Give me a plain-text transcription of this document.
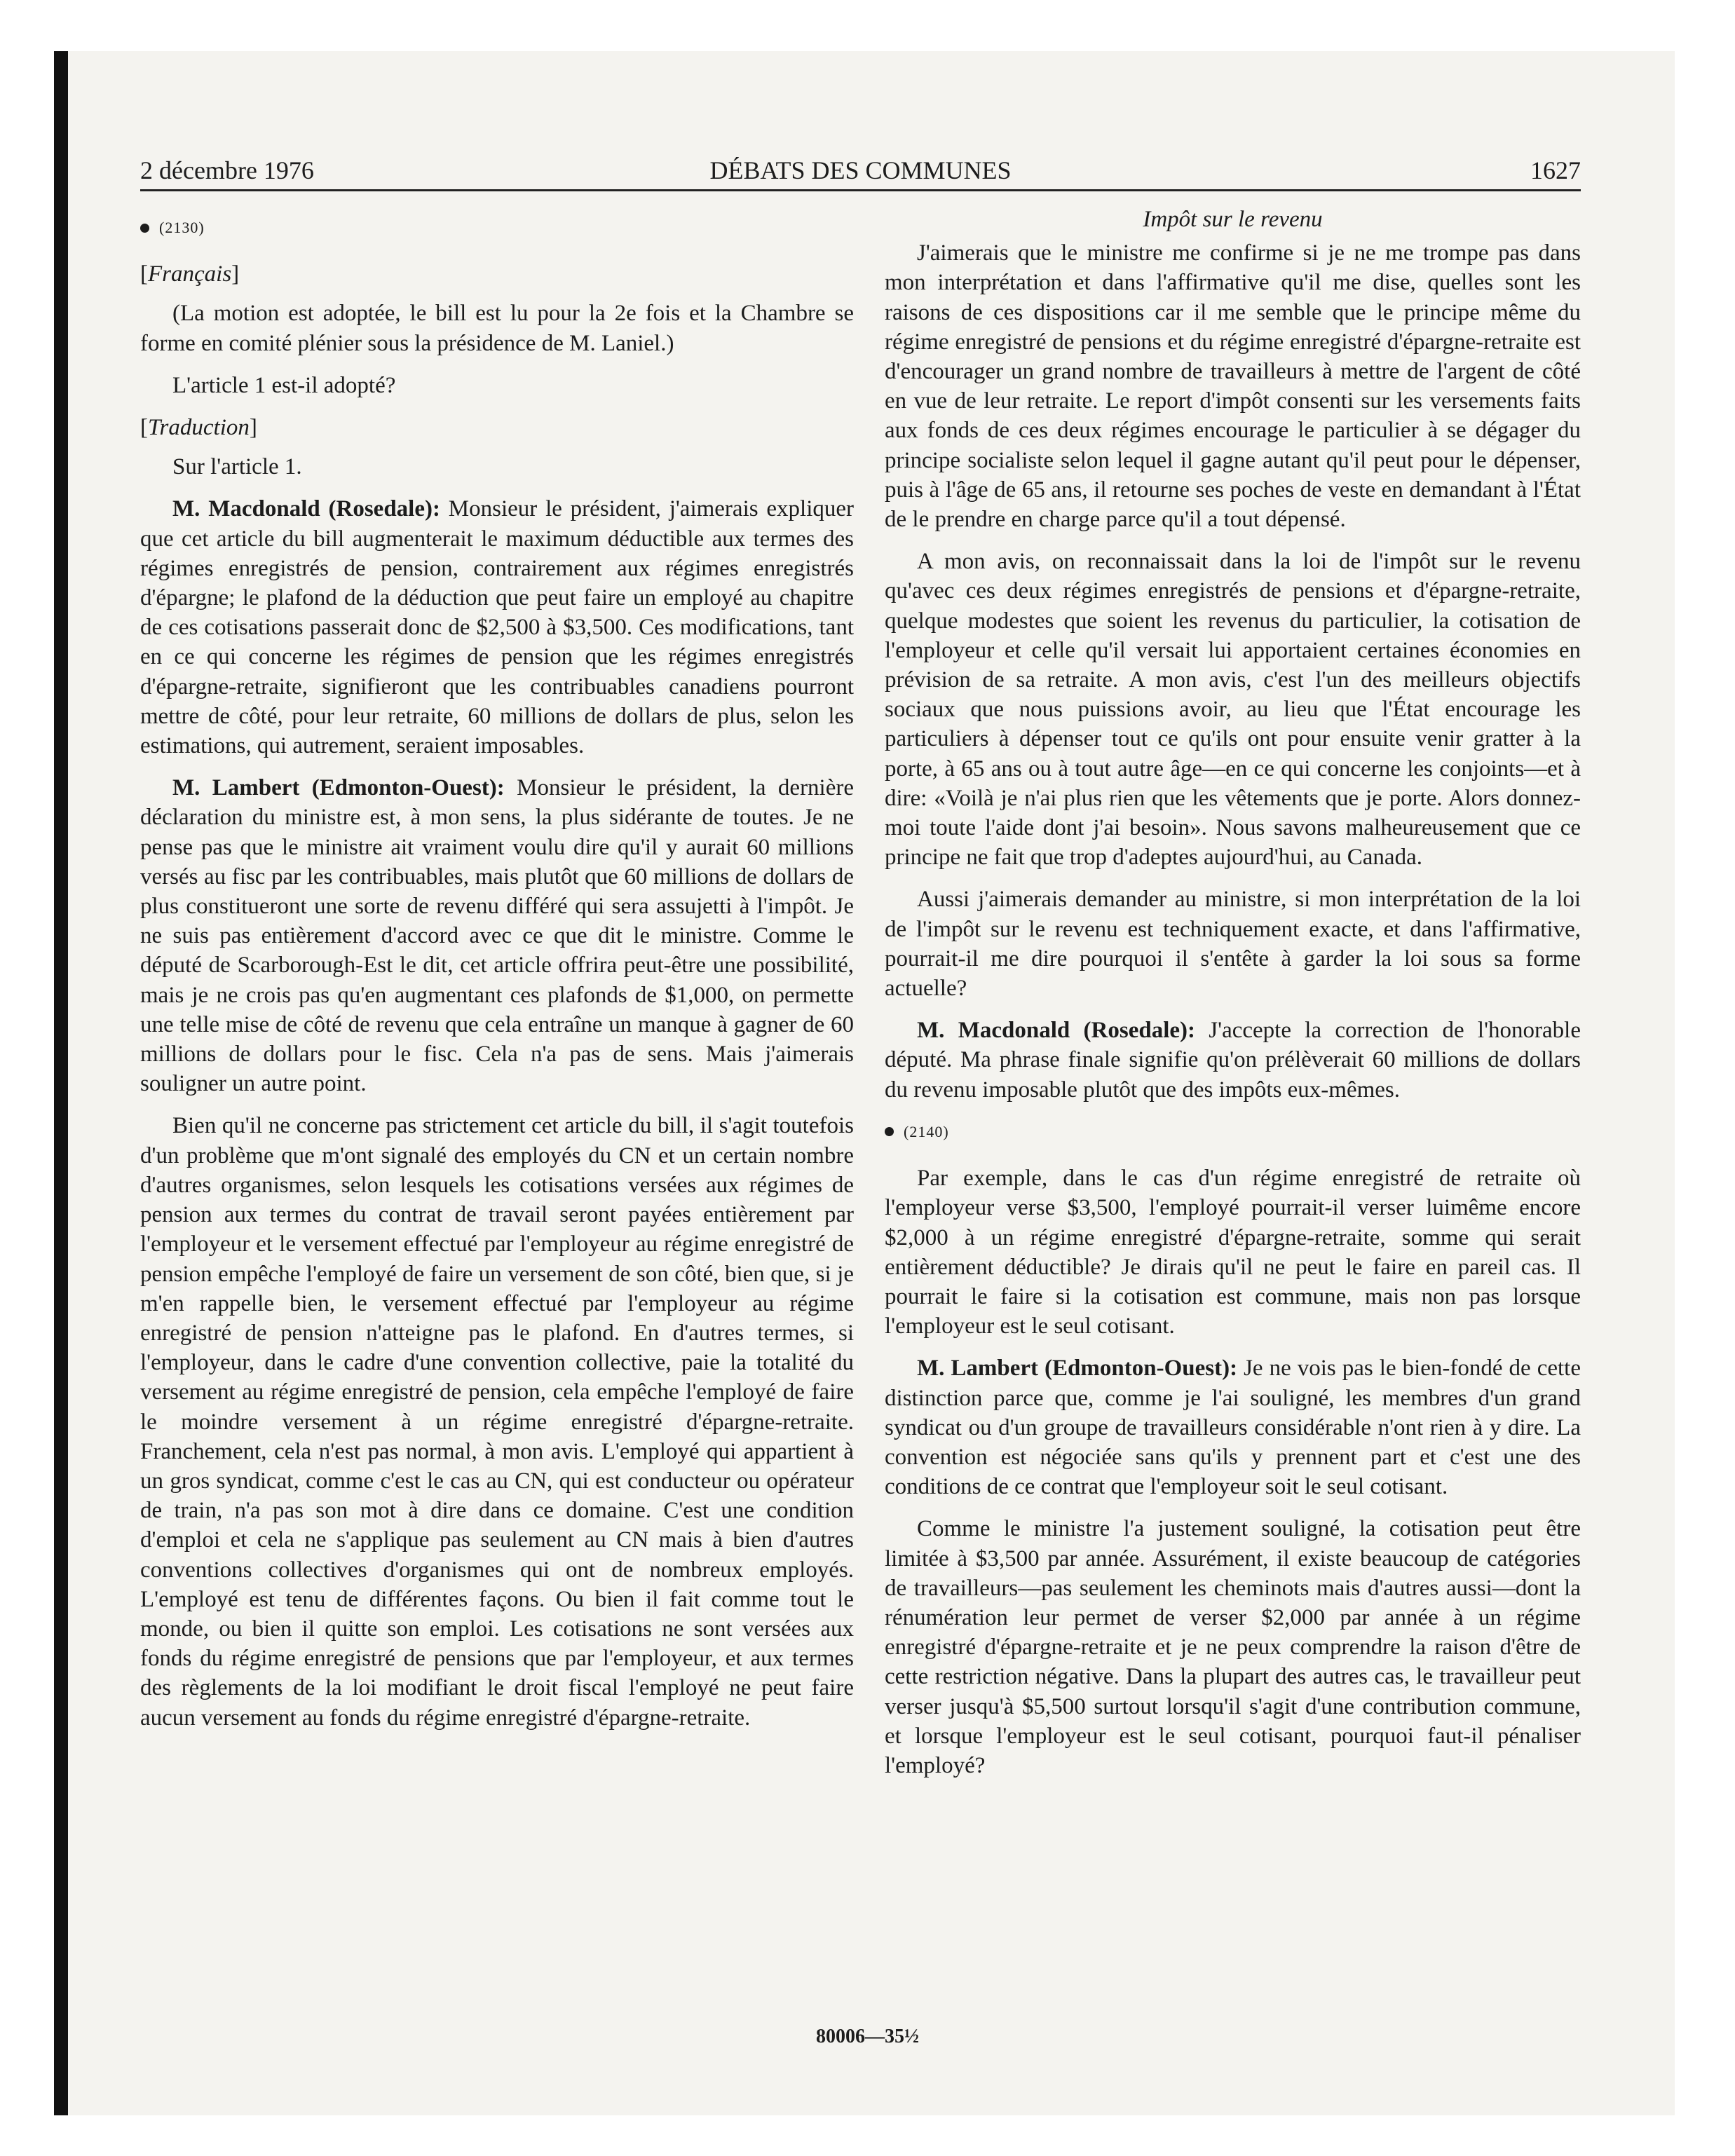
2 décembre 1976	DÉBATS DES COMMUNES	1627
(2130)
[Français]

(La motion est adoptée, le bill est lu pour la 2e fois et la Chambre se forme en comité plénier sous la présidence de M. Laniel.)

L'article 1 est-il adopté?

[Traduction]

Sur l'article 1.

M. Macdonald (Rosedale): Monsieur le président, j'aimerais expliquer que cet article du bill augmenterait le maximum déductible aux termes des régimes enregistrés de pension, contrairement aux régimes enregistrés d'épargne; le plafond de la déduction que peut faire un employé au chapitre de ces cotisations passerait donc de $2,500 à $3,500. Ces modifications, tant en ce qui concerne les régimes de pension que les régimes enregistrés d'épargne-retraite, signifieront que les contribuables canadiens pourront mettre de côté, pour leur retraite, 60 millions de dollars de plus, selon les estimations, qui autrement, seraient imposables.

M. Lambert (Edmonton-Ouest): Monsieur le président, la dernière déclaration du ministre est, à mon sens, la plus sidérante de toutes. Je ne pense pas que le ministre ait vraiment voulu dire qu'il y aurait 60 millions versés au fisc par les contribuables, mais plutôt que 60 millions de dollars de plus constitueront une sorte de revenu différé qui sera assujetti à l'impôt. Je ne suis pas entièrement d'accord avec ce que dit le ministre. Comme le député de Scarborough-Est le dit, cet article offrira peut-être une possibilité, mais je ne crois pas qu'en augmentant ces plafonds de $1,000, on permette une telle mise de côté de revenu que cela entraîne un manque à gagner de 60 millions de dollars pour le fisc. Cela n'a pas de sens. Mais j'aimerais souligner un autre point.

Bien qu'il ne concerne pas strictement cet article du bill, il s'agit toutefois d'un problème que m'ont signalé des employés du CN et un certain nombre d'autres organismes, selon lesquels les cotisations versées aux régimes de pension aux termes du contrat de travail seront payées entièrement par l'employeur et le versement effectué par l'employeur au régime enregistré de pension empêche l'employé de faire un versement de son côté, bien que, si je m'en rappelle bien, le versement effectué par l'employeur au régime enregistré de pension n'atteigne pas le plafond. En d'autres termes, si l'employeur, dans le cadre d'une convention collective, paie la totalité du versement au régime enregistré de pension, cela empêche l'employé de faire le moindre versement à un régime enregistré d'épargne-retraite. Franchement, cela n'est pas normal, à mon avis. L'employé qui appartient à un gros syndicat, comme c'est le cas au CN, qui est conducteur ou opérateur de train, n'a pas son mot à dire dans ce domaine. C'est une condition d'emploi et cela ne s'applique pas seulement au CN mais à bien d'autres conventions collectives d'organismes qui ont de nombreux employés. L'employé est tenu de différentes façons. Ou bien il fait comme tout le monde, ou bien il quitte son emploi. Les cotisations ne sont versées aux fonds du régime enregistré de pensions que par l'employeur, et aux termes des règlements de la loi modifiant le droit fiscal l'employé ne peut faire aucun versement au fonds du régime enregistré d'épargne-retraite.

Impôt sur le revenu

J'aimerais que le ministre me confirme si je ne me trompe pas dans mon interprétation et dans l'affirmative qu'il me dise, quelles sont les raisons de ces dispositions car il me semble que le principe même du régime enregistré de pensions et du régime enregistré d'épargne-retraite est d'encourager un grand nombre de travailleurs à mettre de l'argent de côté en vue de leur retraite. Le report d'impôt consenti sur les versements faits aux fonds de ces deux régimes encourage le particulier à se dégager du principe socialiste selon lequel il gagne autant qu'il peut pour le dépenser, puis à l'âge de 65 ans, il retourne ses poches de veste en demandant à l'État de le prendre en charge parce qu'il a tout dépensé.

A mon avis, on reconnaissait dans la loi de l'impôt sur le revenu qu'avec ces deux régimes enregistrés de pensions et d'épargne-retraite, quelque modestes que soient les revenus du particulier, la cotisation de l'employeur et celle qu'il versait lui apportaient certaines économies en prévision de sa retraite. A mon avis, c'est l'un des meilleurs objectifs sociaux que nous puissions avoir, au lieu que l'État encourage les particuliers à dépenser tout ce qu'ils ont pour ensuite venir gratter à la porte, à 65 ans ou à tout autre âge—en ce qui concerne les conjoints—et à dire: «Voilà je n'ai plus rien que les vêtements que je porte. Alors donnez-moi toute l'aide dont j'ai besoin». Nous savons malheureusement que ce principe ne fait que trop d'adeptes aujourd'hui, au Canada.

Aussi j'aimerais demander au ministre, si mon interprétation de la loi de l'impôt sur le revenu est techniquement exacte, et dans l'affirmative, pourrait-il me dire pourquoi il s'entête à garder la loi sous sa forme actuelle?

M. Macdonald (Rosedale): J'accepte la correction de l'honorable député. Ma phrase finale signifie qu'on prélèverait 60 millions de dollars du revenu imposable plutôt que des impôts eux-mêmes.

(2140)

Par exemple, dans le cas d'un régime enregistré de retraite où l'employeur verse $3,500, l'employé pourrait-il verser luimême encore $2,000 à un régime enregistré d'épargne-retraite, somme qui serait entièrement déductible? Je dirais qu'il ne peut le faire en pareil cas. Il pourrait le faire si la cotisation est commune, mais non pas lorsque l'employeur est le seul cotisant.

M. Lambert (Edmonton-Ouest): Je ne vois pas le bien-fondé de cette distinction parce que, comme je l'ai souligné, les membres d'un grand syndicat ou d'un groupe de travailleurs considérable n'ont rien à y dire. La convention est négociée sans qu'ils y prennent part et c'est une des conditions de ce contrat que l'employeur soit le seul cotisant.

Comme le ministre l'a justement souligné, la cotisation peut être limitée à $3,500 par année. Assurément, il existe beaucoup de catégories de travailleurs—pas seulement les cheminots mais d'autres aussi—dont la rénumération leur permet de verser $2,000 par année à un régime enregistré d'épargne-retraite et je ne peux comprendre la raison d'être de cette restriction négative. Dans la plupart des autres cas, le travailleur peut verser jusqu'à $5,500 surtout lorsqu'il s'agit d'une contribution commune, et lorsque l'employeur est le seul cotisant, pourquoi faut-il pénaliser l'employé?

80006—35½
